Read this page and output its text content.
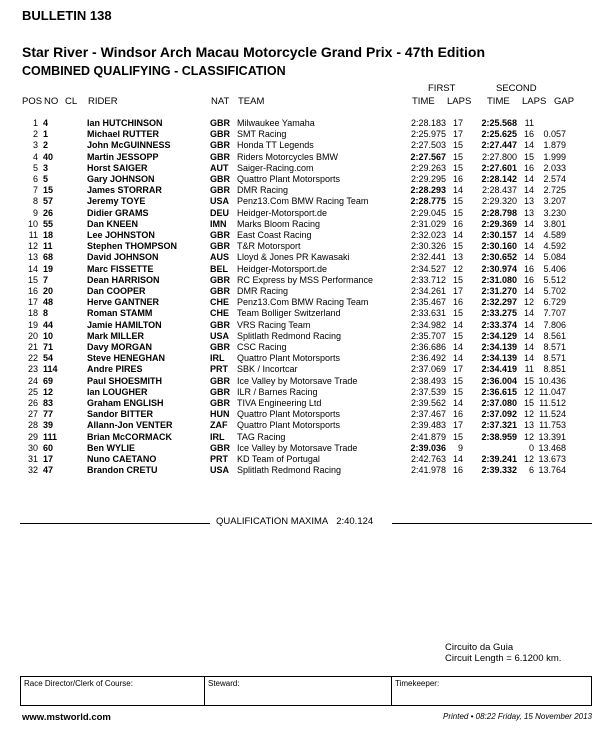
BULLETIN 138
Star River - Windsor Arch Macau Motorcycle Grand Prix - 47th Edition
COMBINED QUALIFYING - CLASSIFICATION
FIRST	SECOND
POS NO CL RIDER	NAT TEAM	TIME LAPS TIME LAPS GAP
1	4		Ian HUTCHINSON	GBR	Milwaukee Yamaha	2:28.183	17	2:25.568	11	
2	1		Michael RUTTER	GBR	SMT Racing	2:25.975	17	2:25.625	16	0.057
3	2		John McGUINNESS	GBR	Honda TT Legends	2:27.503	15	2:27.447	14	1.879
4	40		Martin JESSOPP	GBR	Riders Motorcycles BMW	2:27.567	15	2:27.800	15	1.999
5	3		Horst SAIGER	AUT	Saiger-Racing.com	2:29.263	15	2:27.601	16	2.033
6	5		Gary JOHNSON	GBR	Quattro Plant Motorsports	2:29.295	16	2:28.142	14	2.574
7	15		James STORRAR	GBR	DMR Racing	2:28.293	14	2:28.437	14	2.725
8	57		Jeremy TOYE	USA	Penz13.Com BMW Racing Team	2:28.775	15	2:29.320	13	3.207
9	26		Didier GRAMS	DEU	Heidger-Motorsport.de	2:29.045	15	2:28.798	13	3.230
10	55		Dan KNEEN	IMN	Marks Bloom Racing	2:31.029	16	2:29.369	14	3.801
11	18		Lee JOHNSTON	GBR	East Coast Racing	2:32.023	14	2:30.157	14	4.589
12	11		Stephen THOMPSON	GBR	T&R Motorsport	2:30.326	15	2:30.160	14	4.592
13	68		David JOHNSON	AUS	Lloyd & Jones PR Kawasaki	2:32.441	13	2:30.652	14	5.084
14	19		Marc FISSETTE	BEL	Heidger-Motorsport.de	2:34.527	12	2:30.974	16	5.406
15	7		Dean HARRISON	GBR	RC Express by MSS Performance	2:33.712	15	2:31.080	16	5.512
16	20		Dan COOPER	GBR	DMR Racing	2:34.261	17	2:31.270	14	5.702
17	48		Herve GANTNER	CHE	Penz13.Com BMW Racing Team	2:35.467	16	2:32.297	12	6.729
18	8		Roman STAMM	CHE	Team Bolliger Switzerland	2:33.631	15	2:33.275	14	7.707
19	44		Jamie HAMILTON	GBR	VRS Racing Team	2:34.982	14	2:33.374	14	7.806
20	10		Mark MILLER	USA	Splitlath Redmond Racing	2:35.707	15	2:34.129	14	8.561
21	71		Davy MORGAN	GBR	CSC Racing	2:36.686	14	2:34.139	14	8.571
22	54		Steve HENEGHAN	IRL	Quattro Plant Motorsports	2:36.492	14	2:34.139	14	8.571
23	114		Andre PIRES	PRT	SBK / Incortcar	2:37.069	17	2:34.419	11	8.851
24	69		Paul SHOESMITH	GBR	Ice Valley by Motorsave Trade	2:38.493	15	2:36.004	15	10.436
25	12		Ian LOUGHER	GBR	ILR / Barnes Racing	2:37.539	15	2:36.615	12	11.047
26	83		Graham ENGLISH	GBR	TIVA Engineering Ltd	2:39.562	14	2:37.080	15	11.512
27	77		Sandor BITTER	HUN	Quattro Plant Motorsports	2:37.467	16	2:37.092	12	11.524
28	39		Allann-Jon VENTER	ZAF	Quattro Plant Motorsports	2:39.483	17	2:37.321	13	11.753
29	111		Brian McCORMACK	IRL	TAG Racing	2:41.879	15	2:38.959	12	13.391
30	60		Ben WYLIE	GBR	Ice Valley by Motorsave Trade	2:39.036	9		0	13.468
31	17		Nuno CAETANO	PRT	KD Team of Portugal	2:42.763	14	2:39.241	12	13.673
32	47		Brandon CRETU	USA	Splitlath Redmond Racing	2:41.978	16	2:39.332	6	13.764
QUALIFICATION MAXIMA 2:40.124
Circuito da Guia
Circuit Length = 6.1200 km.
Race Director/Clerk of Course:	Steward:	Timekeeper:
www.mstworld.com	Printed • 08:22 Friday, 15 November 2013
